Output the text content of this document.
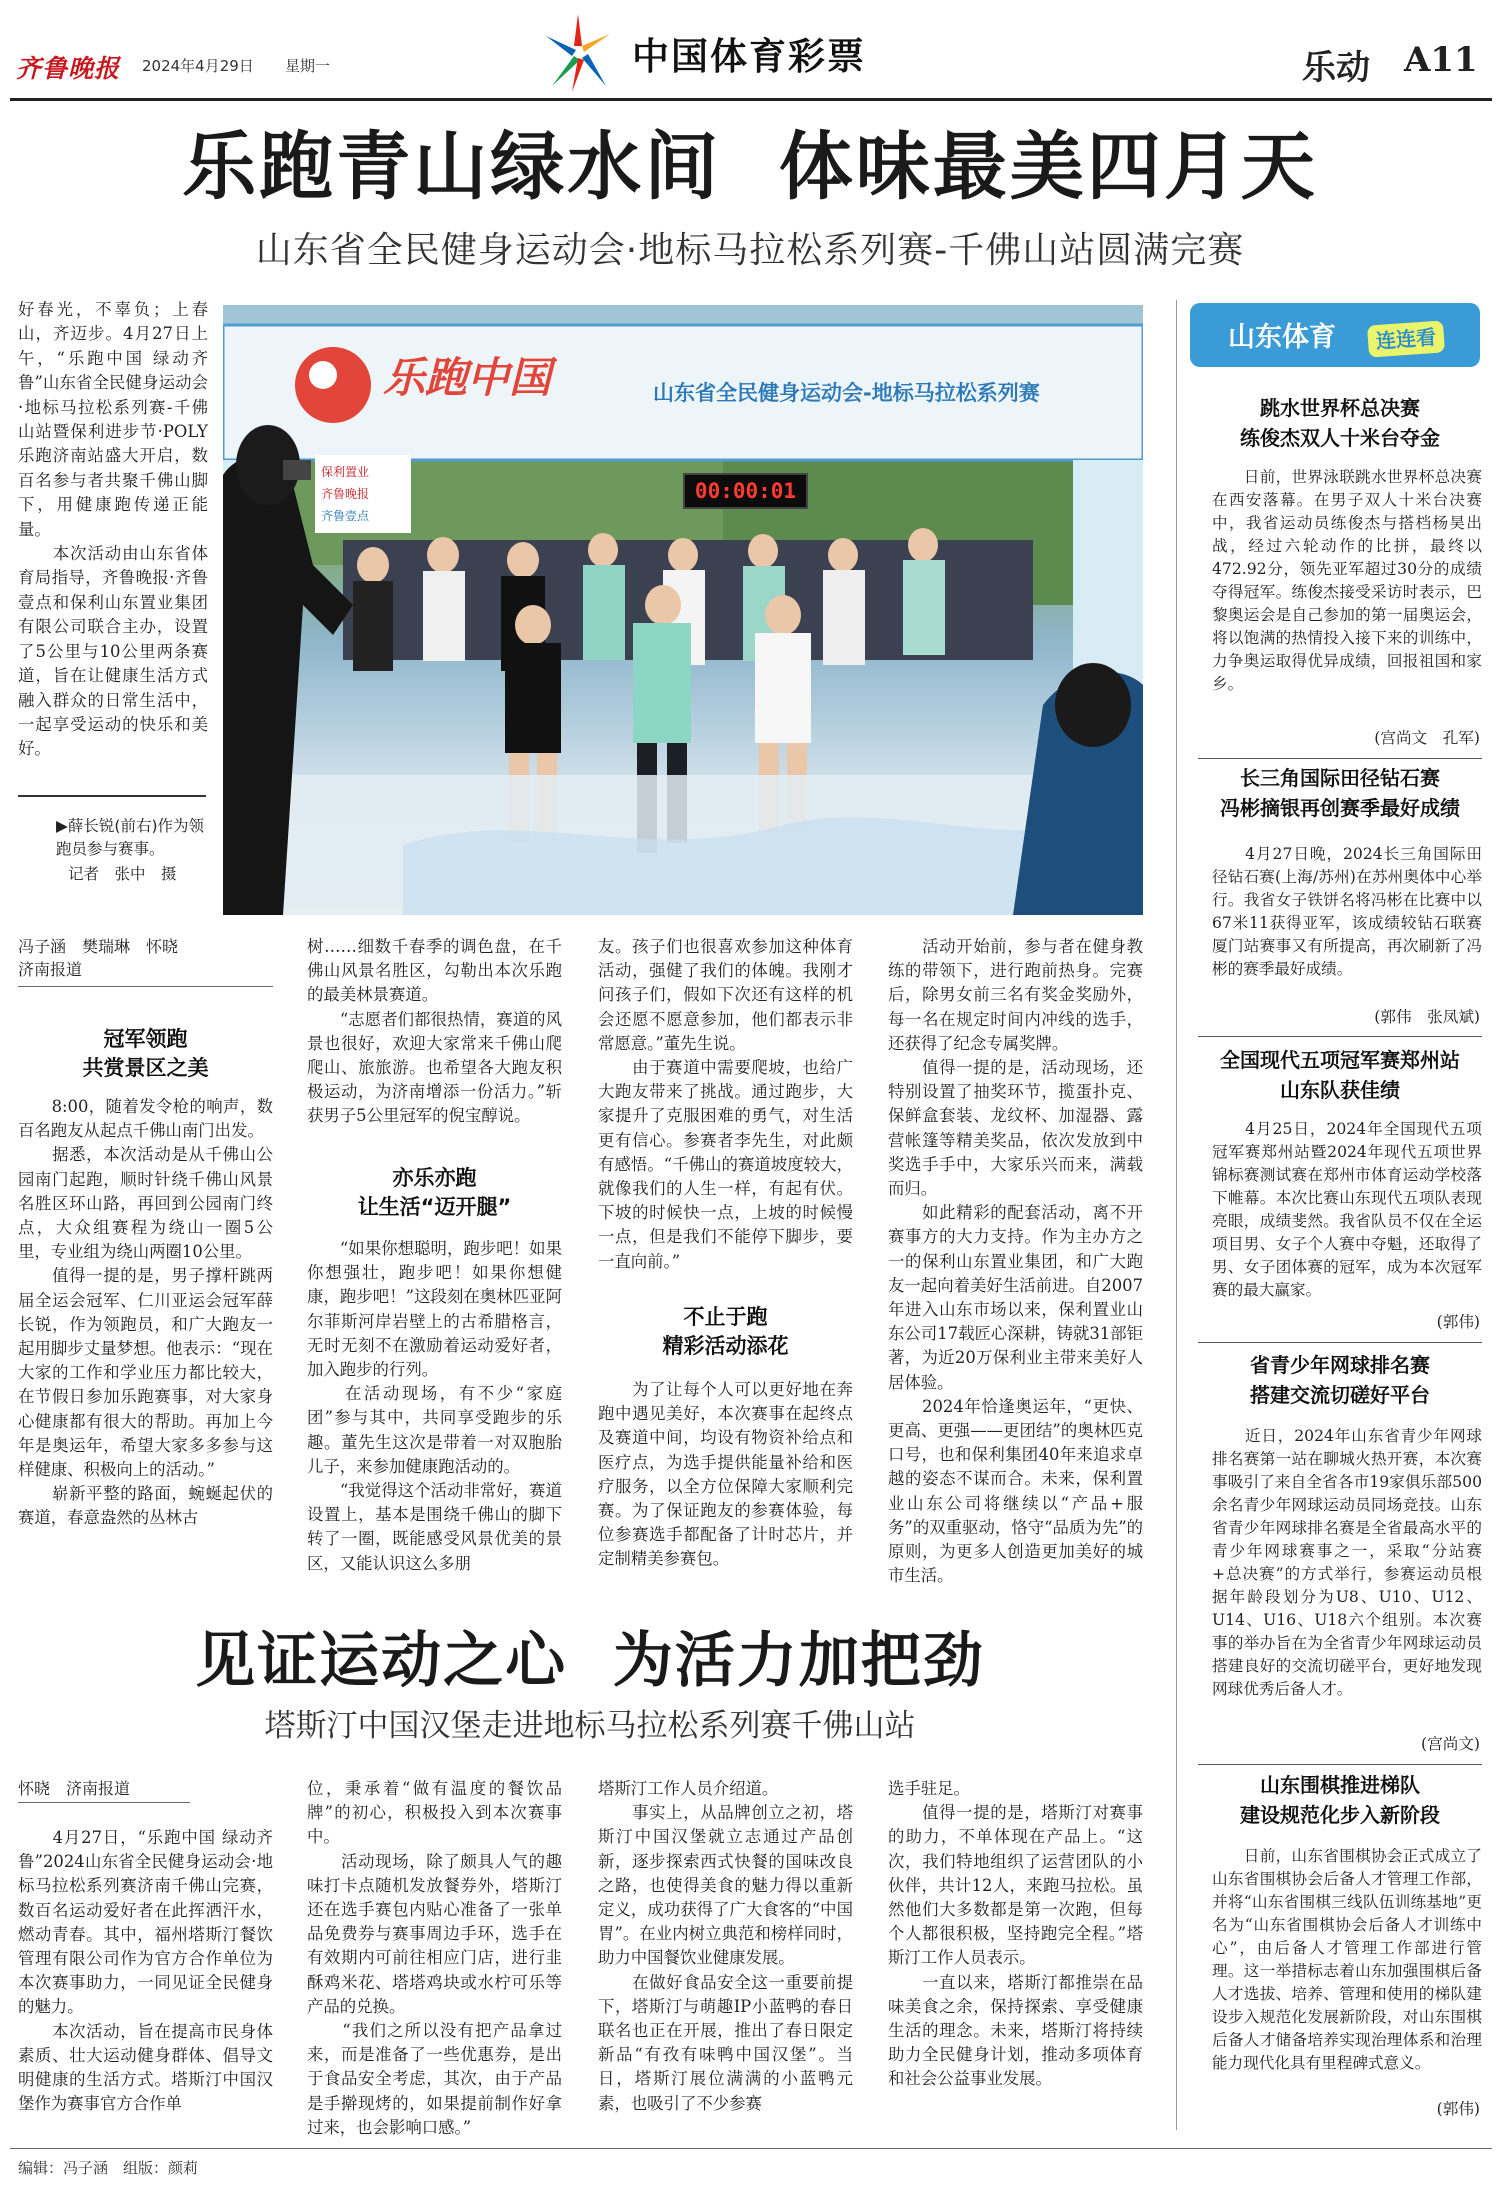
齐鲁晚报 2024年4月29日 星期一	中国体育彩票	乐动 A11
乐跑青山绿水间  体味最美四月天
山东省全民健身运动会·地标马拉松系列赛-千佛山站圆满完赛
好春光，不辜负；上春山，齐迈步。4月27日上午，“乐跑中国 绿动齐鲁”山东省全民健身运动会·地标马拉松系列赛-千佛山站暨保利进步节·POLY乐跑济南站盛大开启，数百名参与者共聚千佛山脚下，用健康跑传递正能量。
　　本次活动由山东省体育局指导，齐鲁晚报·齐鲁壹点和保利山东置业集团有限公司联合主办，设置了5公里与10公里两条赛道，旨在让健康生活方式融入群众的日常生活中，一起享受运动的快乐和美好。
▶薛长锐(前右)作为领跑员参与赛事。
记者　张中　摄
乐跑中国	山东省全民健身运动会-地标马拉松系列赛
00:00:01
保利置业
齐鲁晚报
齐鲁壹点
冯子涵　樊瑞琳　怀晓
济南报道
冠军领跑
共赏景区之美
　　8:00，随着发令枪的响声，数百名跑友从起点千佛山南门出发。
　　据悉，本次活动是从千佛山公园南门起跑，顺时针绕千佛山风景名胜区环山路，再回到公园南门终点，大众组赛程为绕山一圈5公里，专业组为绕山两圈10公里。
　　值得一提的是，男子撑杆跳两届全运会冠军、仁川亚运会冠军薛长锐，作为领跑员，和广大跑友一起用脚步丈量梦想。他表示：“现在大家的工作和学业压力都比较大，在节假日参加乐跑赛事，对大家身心健康都有很大的帮助。再加上今年是奥运年，希望大家多多参与这样健康、积极向上的活动。”
　　崭新平整的路面，蜿蜒起伏的赛道，春意盎然的丛林古
树……细数千春季的调色盘，在千佛山风景名胜区，勾勒出本次乐跑的最美林景赛道。
　　“志愿者们都很热情，赛道的风景也很好，欢迎大家常来千佛山爬爬山、旅旅游。也希望各大跑友积极运动，为济南增添一份活力。”斩获男子5公里冠军的倪宝醇说。
亦乐亦跑
让生活“迈开腿”
　　“如果你想聪明，跑步吧！如果你想强壮，跑步吧！如果你想健康，跑步吧！”这段刻在奥林匹亚阿尔菲斯河岸岩壁上的古希腊格言，无时无刻不在激励着运动爱好者，加入跑步的行列。
　　在活动现场，有不少“家庭团”参与其中，共同享受跑步的乐趣。董先生这次是带着一对双胞胎儿子，来参加健康跑活动的。
　　“我觉得这个活动非常好，赛道设置上，基本是围绕千佛山的脚下转了一圈，既能感受风景优美的景区，又能认识这么多朋
友。孩子们也很喜欢参加这种体育活动，强健了我们的体魄。我刚才问孩子们，假如下次还有这样的机会还愿不愿意参加，他们都表示非常愿意。”董先生说。
　　由于赛道中需要爬坡，也给广大跑友带来了挑战。通过跑步，大家提升了克服困难的勇气，对生活更有信心。参赛者李先生，对此颇有感悟。“千佛山的赛道坡度较大，就像我们的人生一样，有起有伏。下坡的时候快一点，上坡的时候慢一点，但是我们不能停下脚步，要一直向前。”
不止于跑
精彩活动添花
　　为了让每个人可以更好地在奔跑中遇见美好，本次赛事在起终点及赛道中间，均设有物资补给点和医疗点，为选手提供能量补给和医疗服务，以全方位保障大家顺利完赛。为了保证跑友的参赛体验，每位参赛选手都配备了计时芯片，并定制精美参赛包。
　　活动开始前，参与者在健身教练的带领下，进行跑前热身。完赛后，除男女前三名有奖金奖励外，每一名在规定时间内冲线的选手，还获得了纪念专属奖牌。
　　值得一提的是，活动现场，还特别设置了抽奖环节，揽蛋扑克、保鲜盒套装、龙纹杯、加湿器、露营帐篷等精美奖品，依次发放到中奖选手手中，大家乐兴而来，满载而归。
　　如此精彩的配套活动，离不开赛事方的大力支持。作为主办方之一的保利山东置业集团，和广大跑友一起向着美好生活前进。自2007年进入山东市场以来，保利置业山东公司17载匠心深耕，铸就31部钜著，为近20万保利业主带来美好人居体验。
　　2024年恰逢奥运年，“更快、更高、更强——更团结”的奥林匹克口号，也和保利集团40年来追求卓越的姿态不谋而合。未来，保利置业山东公司将继续以“产品+服务”的双重驱动，恪守“品质为先”的原则，为更多人创造更加美好的城市生活。
见证运动之心  为活力加把劲
塔斯汀中国汉堡走进地标马拉松系列赛千佛山站
怀晓　济南报道
　　4月27日，“乐跑中国 绿动齐鲁”2024山东省全民健身运动会·地标马拉松系列赛济南千佛山完赛，数百名运动爱好者在此挥洒汗水，燃动青春。其中，福州塔斯汀餐饮管理有限公司作为官方合作单位为本次赛事助力，一同见证全民健身的魅力。
　　本次活动，旨在提高市民身体素质、壮大运动健身群体、倡导文明健康的生活方式。塔斯汀中国汉堡作为赛事官方合作单
位，秉承着“做有温度的餐饮品牌”的初心，积极投入到本次赛事中。
　　活动现场，除了颇具人气的趣味打卡点随机发放餐券外，塔斯汀还在选手赛包内贴心准备了一张单品免费券与赛事周边手环，选手在有效期内可前往相应门店，进行韭酥鸡米花、塔塔鸡块或水柠可乐等产品的兑换。
　　“我们之所以没有把产品拿过来，而是准备了一些优惠券，是出于食品安全考虑，其次，由于产品是手擀现烤的，如果提前制作好拿过来，也会影响口感。”
塔斯汀工作人员介绍道。
　　事实上，从品牌创立之初，塔斯汀中国汉堡就立志通过产品创新，逐步探索西式快餐的国味改良之路，也使得美食的魅力得以重新定义，成功获得了广大食客的“中国胃”。在业内树立典范和榜样同时，助力中国餐饮业健康发展。
　　在做好食品安全这一重要前提下，塔斯汀与萌趣IP小蓝鸭的春日联名也正在开展，推出了春日限定新品“有孜有味鸭中国汉堡”。当日，塔斯汀展位满满的小蓝鸭元素，也吸引了不少参赛
选手驻足。
　　值得一提的是，塔斯汀对赛事的助力，不单体现在产品上。“这次，我们特地组织了运营团队的小伙伴，共计12人，来跑马拉松。虽然他们大多数都是第一次跑，但每个人都很积极，坚持跑完全程。”塔斯汀工作人员表示。
　　一直以来，塔斯汀都推崇在品味美食之余，保持探索、享受健康生活的理念。未来，塔斯汀将持续助力全民健身计划，推动多项体育和社会公益事业发展。
山东体育	连连看
跳水世界杯总决赛
练俊杰双人十米台夺金
　　日前，世界泳联跳水世界杯总决赛在西安落幕。在男子双人十米台决赛中，我省运动员练俊杰与搭档杨昊出战，经过六轮动作的比拼，最终以472.92分，领先亚军超过30分的成绩夺得冠军。练俊杰接受采访时表示，巴黎奥运会是自己参加的第一届奥运会，将以饱满的热情投入接下来的训练中，力争奥运取得优异成绩，回报祖国和家乡。
(宫尚文　孔军)
长三角国际田径钻石赛
冯彬摘银再创赛季最好成绩
　　4月27日晚，2024长三角国际田径钻石赛(上海/苏州)在苏州奥体中心举行。我省女子铁饼名将冯彬在比赛中以67米11获得亚军，该成绩较钻石联赛厦门站赛事又有所提高，再次刷新了冯彬的赛季最好成绩。
(郭伟　张凤斌)
全国现代五项冠军赛郑州站
山东队获佳绩
　　4月25日，2024年全国现代五项冠军赛郑州站暨2024年现代五项世界锦标赛测试赛在郑州市体育运动学校落下帷幕。本次比赛山东现代五项队表现亮眼，成绩斐然。我省队员不仅在全运项目男、女子个人赛中夺魁，还取得了男、女子团体赛的冠军，成为本次冠军赛的最大赢家。
(郭伟)
省青少年网球排名赛
搭建交流切磋好平台
　　近日，2024年山东省青少年网球排名赛第一站在聊城火热开赛，本次赛事吸引了来自全省各市19家俱乐部500余名青少年网球运动员同场竞技。山东省青少年网球排名赛是全省最高水平的青少年网球赛事之一，采取“分站赛+总决赛”的方式举行，参赛运动员根据年龄段划分为U8、U10、U12、U14、U16、U18六个组别。本次赛事的举办旨在为全省青少年网球运动员搭建良好的交流切磋平台，更好地发现网球优秀后备人才。
(宫尚文)
山东围棋推进梯队
建设规范化步入新阶段
　　日前，山东省围棋协会正式成立了山东省围棋协会后备人才管理工作部，并将“山东省围棋三线队伍训练基地”更名为“山东省围棋协会后备人才训练中心”，由后备人才管理工作部进行管理。这一举措标志着山东加强围棋后备人才选拔、培养、管理和使用的梯队建设步入规范化发展新阶段，对山东围棋后备人才储备培养实现治理体系和治理能力现代化具有里程碑式意义。
(郭伟)
编辑：冯子涵　组版：颜莉
